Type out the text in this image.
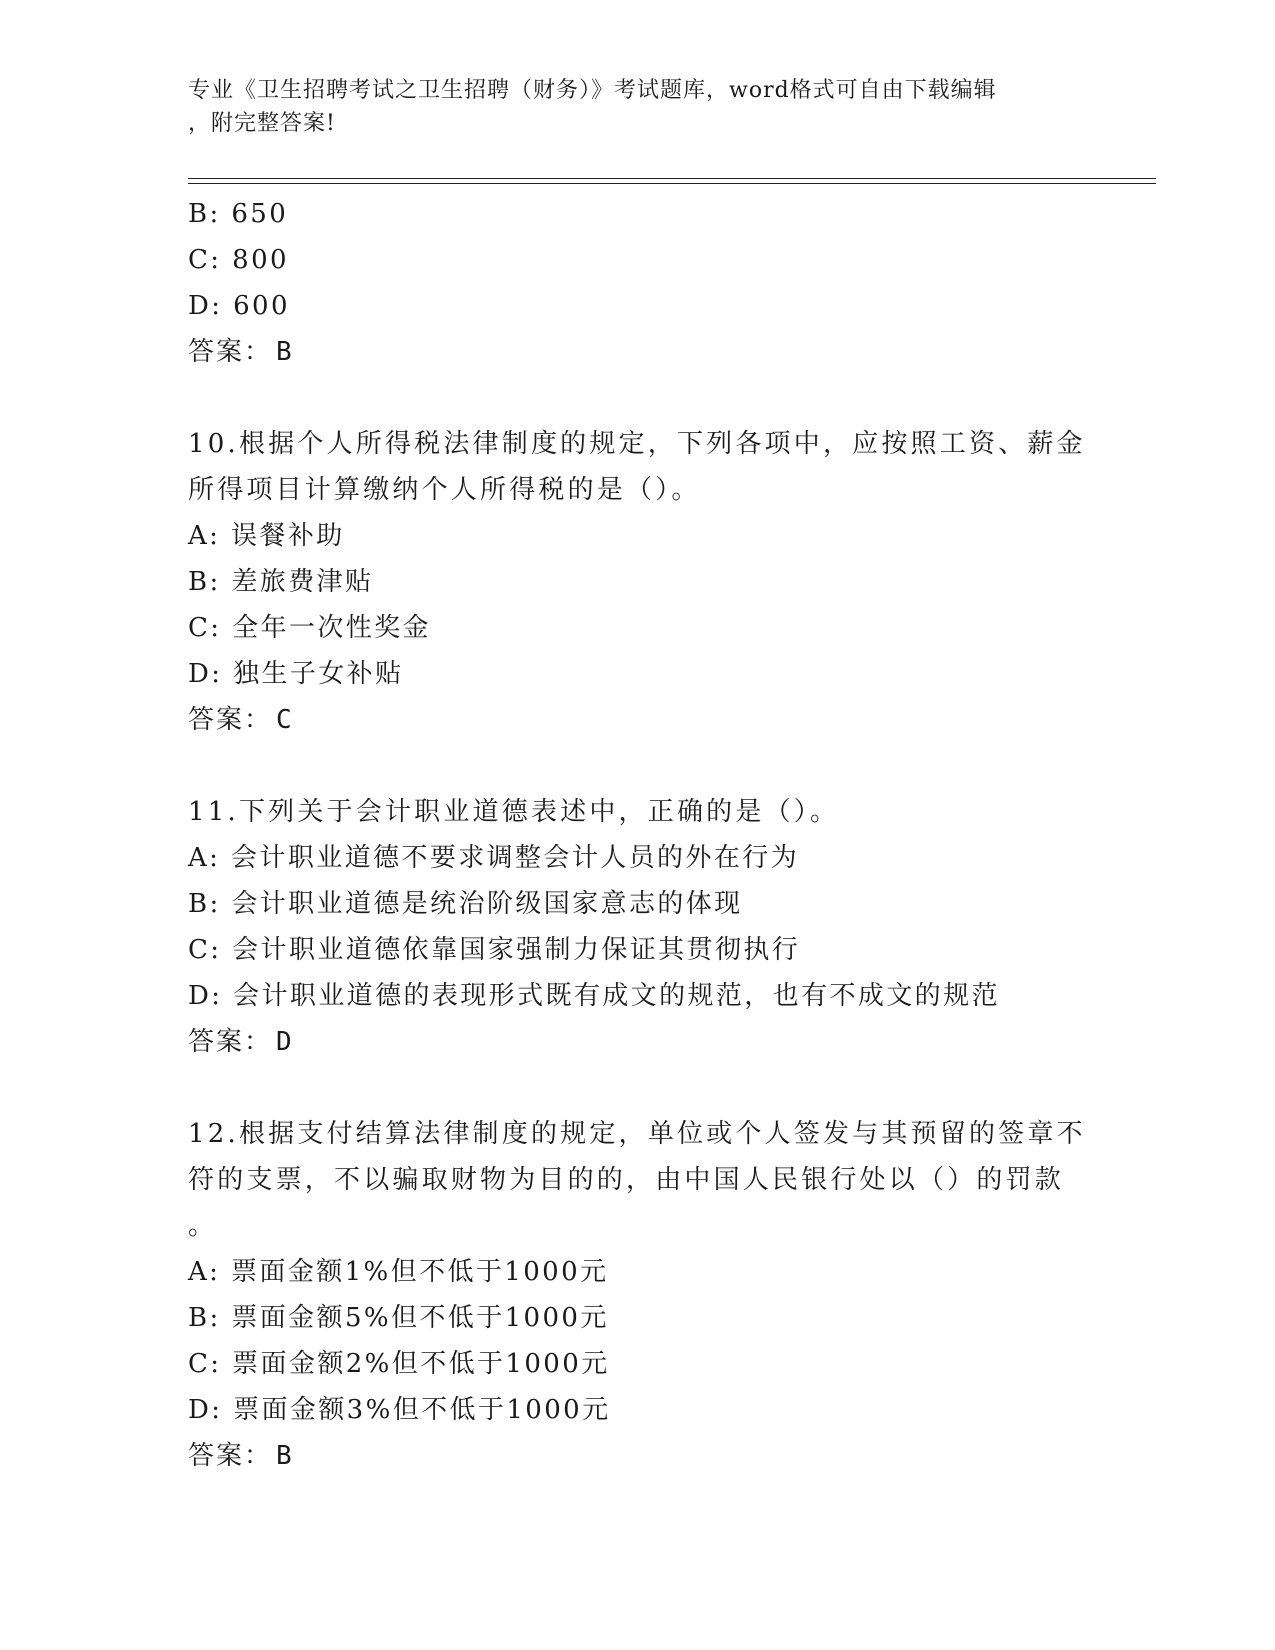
专业《卫生招聘考试之卫生招聘（财务）》考试题库，word格式可自由下载编辑
，附完整答案!
B: 650
C: 800
D: 600
答案： B
10.根据个人所得税法律制度的规定，下列各项中，应按照工资、薪金
所得项目计算缴纳个人所得税的是（）。
A: 误餐补助
B: 差旅费津贴
C: 全年一次性奖金
D: 独生子女补贴
答案： C
11.下列关于会计职业道德表述中，正确的是（）。
A: 会计职业道德不要求调整会计人员的外在行为
B: 会计职业道德是统治阶级国家意志的体现
C: 会计职业道德依靠国家强制力保证其贯彻执行
D: 会计职业道德的表现形式既有成文的规范，也有不成文的规范
答案： D
12.根据支付结算法律制度的规定，单位或个人签发与其预留的签章不
符的支票，不以骗取财物为目的的，由中国人民银行处以（）的罚款
。
A: 票面金额1%但不低于1000元
B: 票面金额5%但不低于1000元
C: 票面金额2%但不低于1000元
D: 票面金额3%但不低于1000元
答案： B
